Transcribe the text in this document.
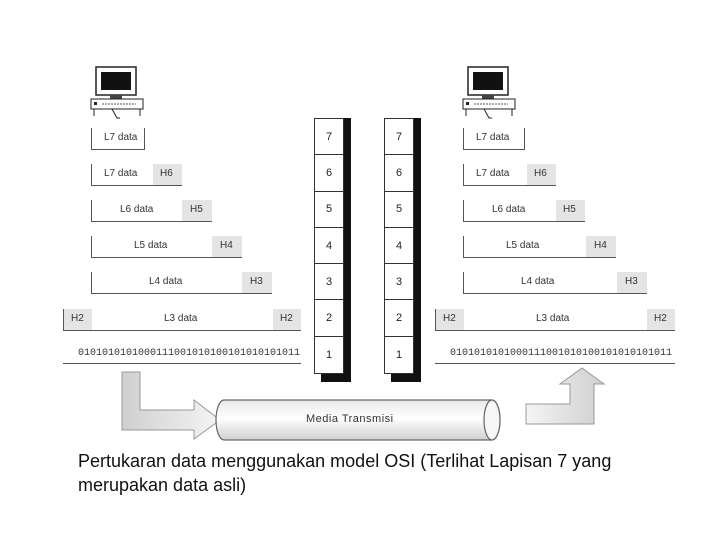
L7 data
L7 data H6
L6 data	H5
L5 data	H4
L4 data	H3
H2	L3 data	H2
0101010101000111001010100101010101011
L7 data
L7 data H6
L6 data	H5
L5 data	H4
L4 data	H3
H2	L3 data	H2
0101010101000111001010100101010101011
7
6
5
4
3
2
1
7
6
5
4
3
2
1
Media Transmisi
Pertukaran data menggunakan model OSI (Terlihat Lapisan 7 yang merupakan data asli)
